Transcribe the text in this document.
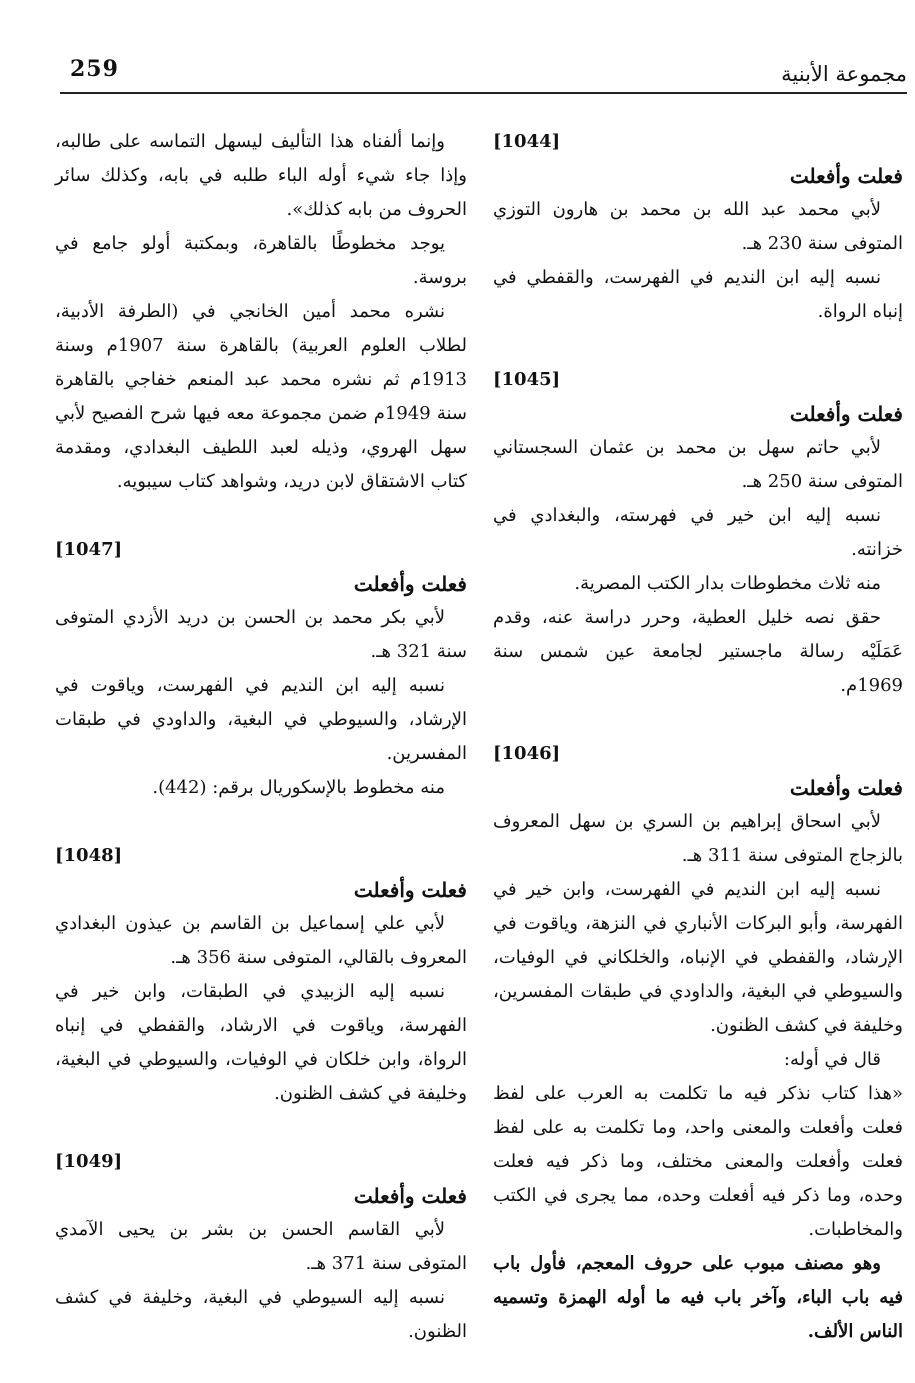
259	مجموعة الأبنية

[1044]

فعلت وأفعلت

لأبي محمد عبد الله بن محمد بن هارون التوزي المتوفى سنة 230 هـ.

نسبه إليه ابن النديم في الفهرست، والقفطي في إنباه الرواة.

[1045]

فعلت وأفعلت

لأبي حاتم سهل بن محمد بن عثمان السجستاني المتوفى سنة 250 هـ.

نسبه إليه ابن خير في فهرسته، والبغدادي في خزانته.

منه ثلاث مخطوطات بدار الكتب المصرية.

حقق نصه خليل العطية، وحرر دراسة عنه، وقدم عَمَلَيْه رسالة ماجستير لجامعة عين شمس سنة 1969م.

[1046]

فعلت وأفعلت

لأبي اسحاق إبراهيم بن السري بن سهل المعروف بالزجاج المتوفى سنة 311 هـ.

نسبه إليه ابن النديم في الفهرست، وابن خير في الفهرسة، وأبو البركات الأنباري في النزهة، وياقوت في الإرشاد، والقفطي في الإنباه، والخلكاني في الوفيات، والسيوطي في البغية، والداودي في طبقات المفسرين، وخليفة في كشف الظنون.

قال في أوله:

«هذا كتاب نذكر فيه ما تكلمت به العرب على لفظ فعلت وأفعلت والمعنى واحد، وما تكلمت به على لفظ فعلت وأفعلت والمعنى مختلف، وما ذكر فيه فعلت وحده، وما ذكر فيه أفعلت وحده، مما يجرى في الكتب والمخاطبات.

وهو مصنف مبوب على حروف المعجم، فأول باب فيه باب الباء، وآخر باب فيه ما أوله الهمزة وتسميه الناس الألف.

وإنما ألفناه هذا التأليف ليسهل التماسه على طالبه، وإذا جاء شيء أوله الباء طلبه في بابه، وكذلك سائر الحروف من بابه كذلك».

يوجد مخطوطًا بالقاهرة، وبمكتبة أولو جامع في بروسة.

نشره محمد أمين الخانجي في (الطرفة الأدبية، لطلاب العلوم العربية) بالقاهرة سنة 1907م وسنة 1913م ثم نشره محمد عبد المنعم خفاجي بالقاهرة سنة 1949م ضمن مجموعة معه فيها شرح الفصيح لأبي سهل الهروي، وذيله لعبد اللطيف البغدادي، ومقدمة كتاب الاشتقاق لابن دريد، وشواهد كتاب سيبويه.

[1047]

فعلت وأفعلت

لأبي بكر محمد بن الحسن بن دريد الأزدي المتوفى سنة 321 هـ.

نسبه إليه ابن النديم في الفهرست، وياقوت في الإرشاد، والسيوطي في البغية، والداودي في طبقات المفسرين.

منه مخطوط بالإسكوريال برقم: (442).

[1048]

فعلت وأفعلت

لأبي علي إسماعيل بن القاسم بن عيذون البغدادي المعروف بالقالي، المتوفى سنة 356 هـ.

نسبه إليه الزبيدي في الطبقات، وابن خير في الفهرسة، وياقوت في الارشاد، والقفطي في إنباه الرواة، وابن خلكان في الوفيات، والسيوطي في البغية، وخليفة في كشف الظنون.

[1049]

فعلت وأفعلت

لأبي القاسم الحسن بن بشر بن يحيى الآمدي المتوفى سنة 371 هـ.

نسبه إليه السيوطي في البغية، وخليفة في كشف الظنون.
